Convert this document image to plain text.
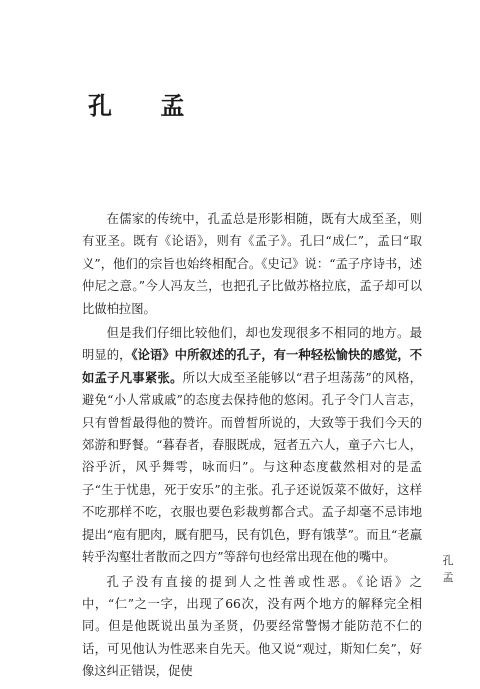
孔 孟

在儒家的传统中，孔孟总是形影相随，既有大成至圣，则有亚圣。既有《论语》，则有《孟子》。孔曰“成仁”，孟曰“取义”，他们的宗旨也始终相配合。《史记》说：“孟子序诗书，述仲尼之意。”今人冯友兰，也把孔子比做苏格拉底，孟子却可以比做柏拉图。

但是我们仔细比较他们，却也发现很多不相同的地方。最明显的，《论语》中所叙述的孔子，有一种轻松愉快的感觉，不如孟子凡事紧张。所以大成至圣能够以“君子坦荡荡”的风格，避免“小人常戚戚”的态度去保持他的悠闲。孔子令门人言志，只有曾皙最得他的赞许。而曾皙所说的，大致等于我们今天的郊游和野餐。“暮春者，春服既成，冠者五六人，童子六七人，浴乎沂，风乎舞雩，咏而归”。与这种态度截然相对的是孟子“生于忧患，死于安乐”的主张。孔子还说饭菜不做好，这样不吃那样不吃，衣服也要色彩裁剪都合式。孟子却毫不忌讳地提出“庖有肥肉，厩有肥马，民有饥色，野有饿莩”。而且“老羸转乎沟壑壮者散而之四方”等辞句也经常出现在他的嘴中。

孔子没有直接的提到人之性善或性恶。《论语》之中，“仁”之一字，出现了66次，没有两个地方的解释完全相同。但是他既说出虽为圣贤，仍要经常警惕才能防范不仁的话，可见他认为性恶来自先天。他又说“观过，斯知仁矣”，好像这纠正错误，促使

孔 孟
